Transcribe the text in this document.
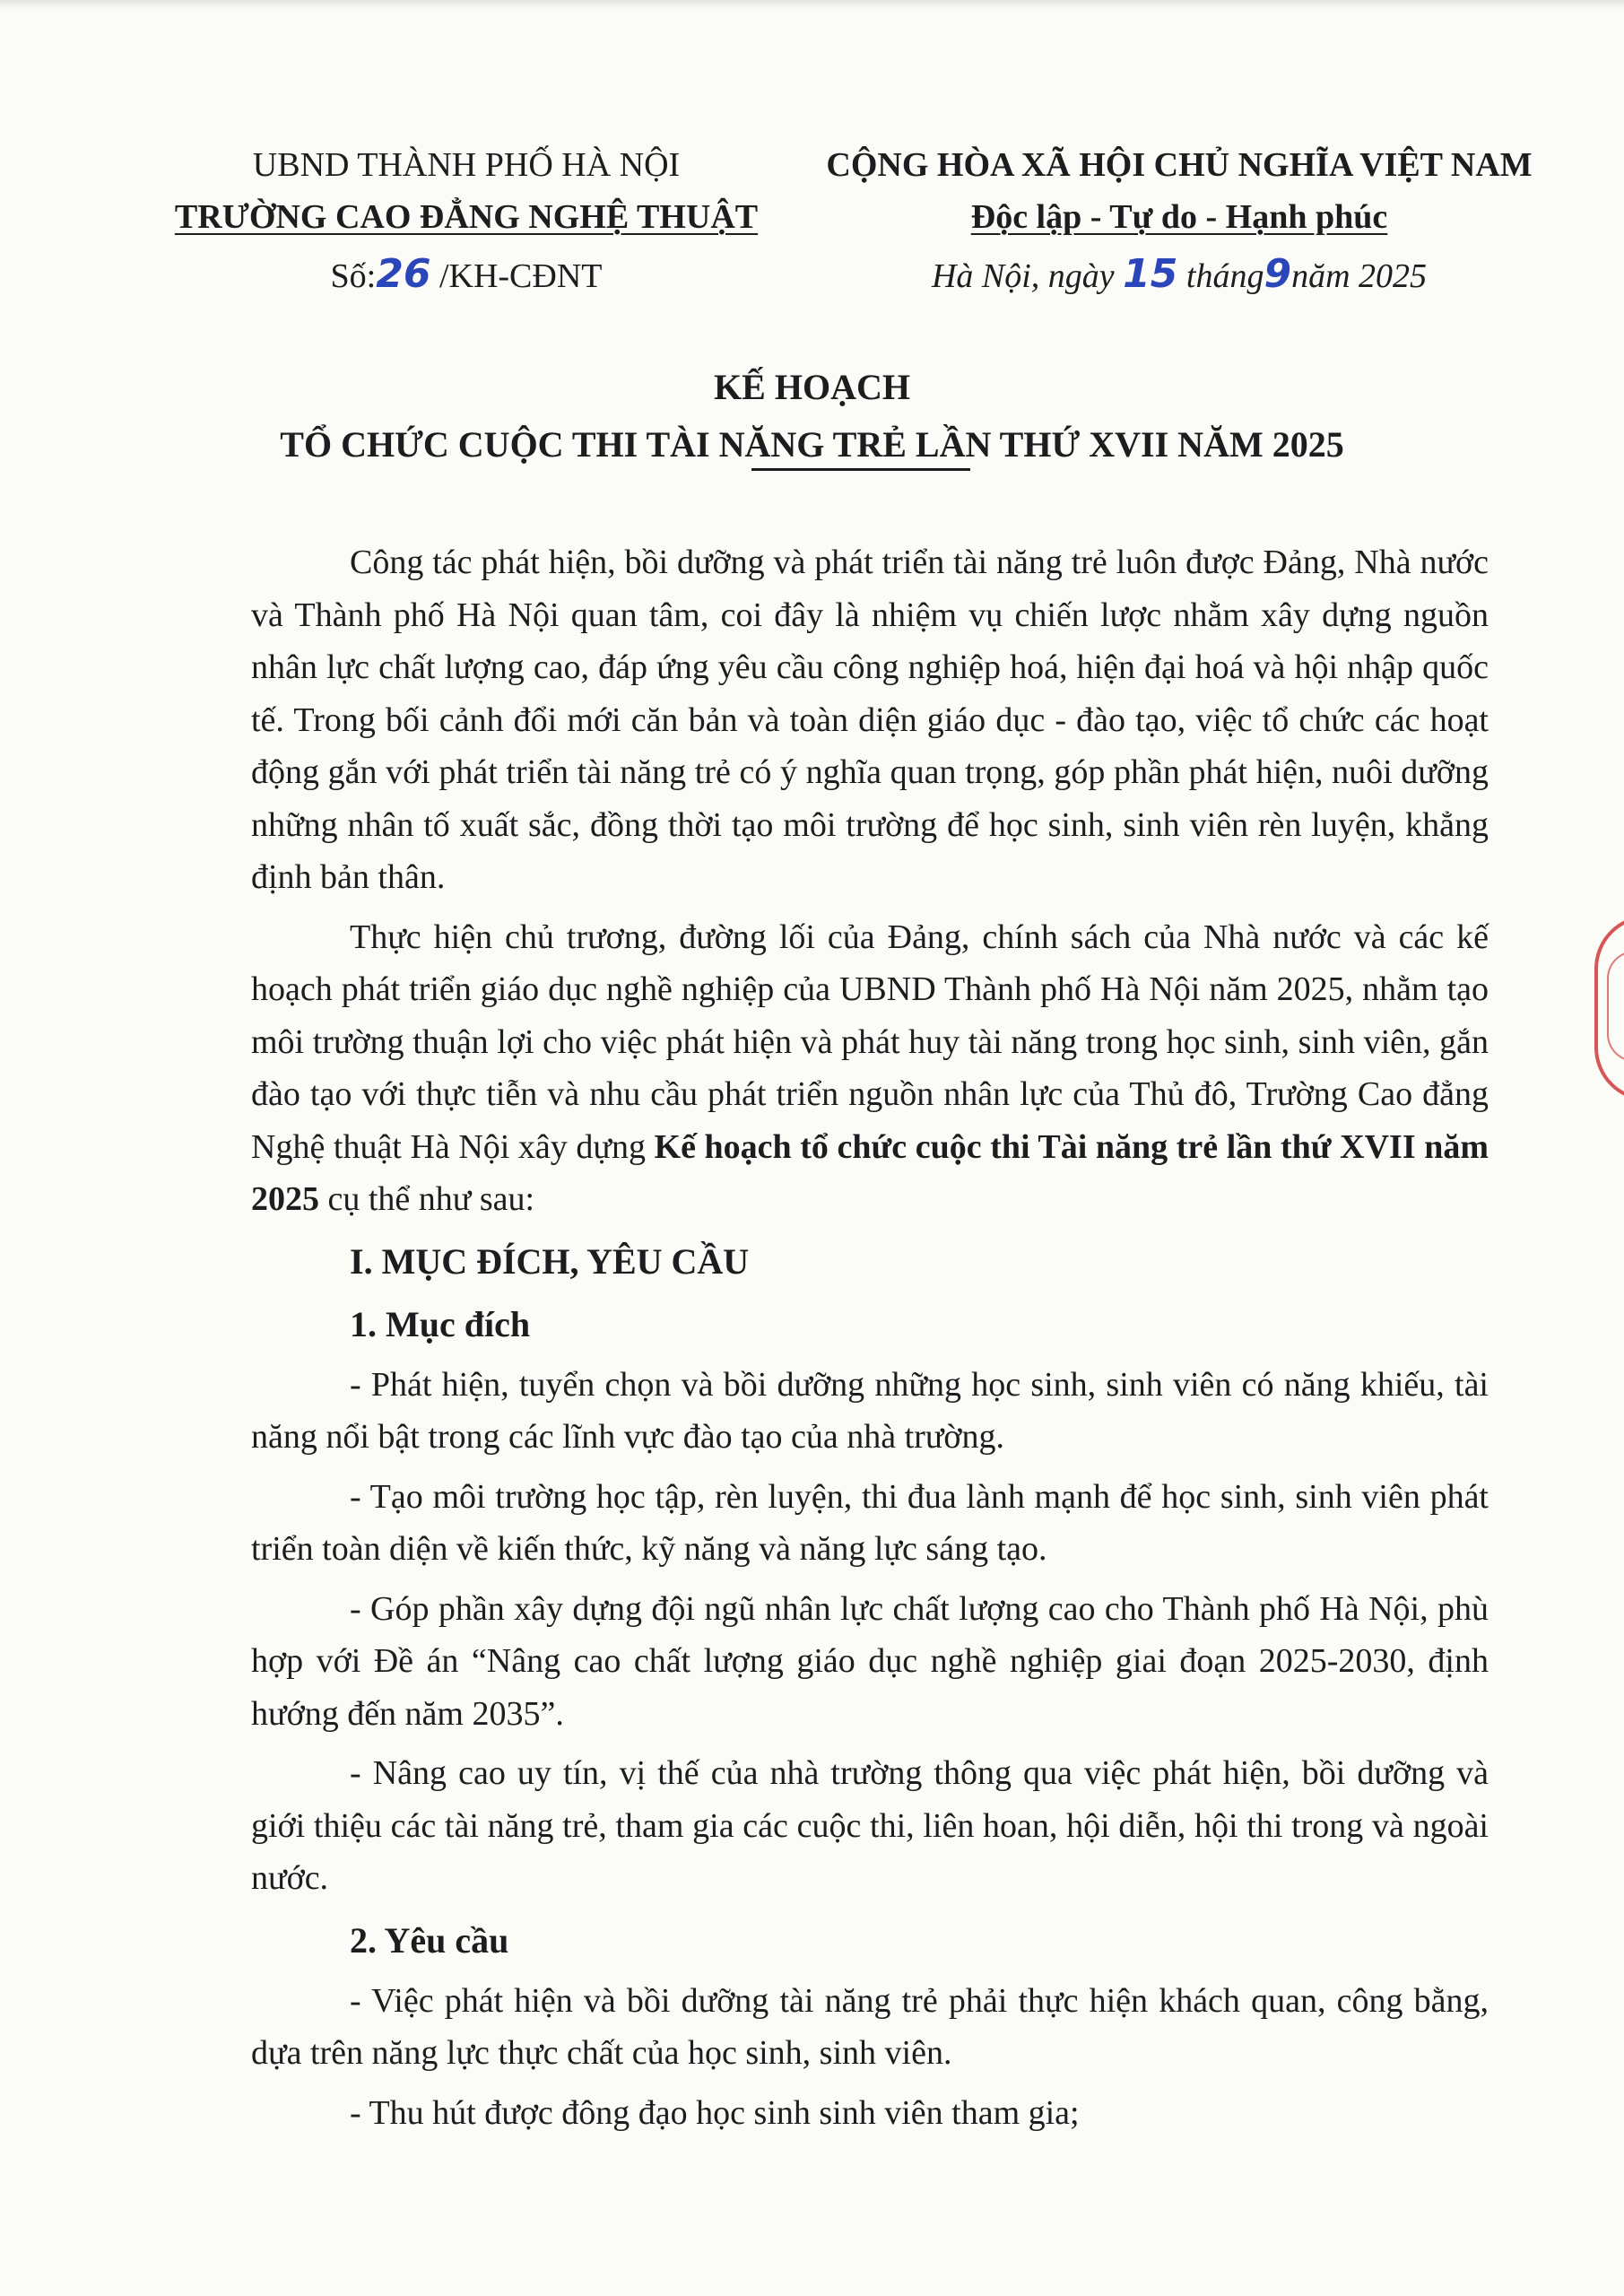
UBND THÀNH PHỐ HÀ NỘI
TRƯỜNG CAO ĐẲNG NGHỆ THUẬT
Số:26 /KH-CĐNT
CỘNG HÒA XÃ HỘI CHỦ NGHĨA VIỆT NAM
Độc lập - Tự do - Hạnh phúc
Hà Nội, ngày 15 tháng9năm 2025
KẾ HOẠCH
TỔ CHỨC CUỘC THI TÀI NĂNG TRẺ LẦN THỨ XVII NĂM 2025

Công tác phát hiện, bồi dưỡng và phát triển tài năng trẻ luôn được Đảng, Nhà nước và Thành phố Hà Nội quan tâm, coi đây là nhiệm vụ chiến lược nhằm xây dựng nguồn nhân lực chất lượng cao, đáp ứng yêu cầu công nghiệp hoá, hiện đại hoá và hội nhập quốc tế. Trong bối cảnh đổi mới căn bản và toàn diện giáo dục - đào tạo, việc tổ chức các hoạt động gắn với phát triển tài năng trẻ có ý nghĩa quan trọng, góp phần phát hiện, nuôi dưỡng những nhân tố xuất sắc, đồng thời tạo môi trường để học sinh, sinh viên rèn luyện, khẳng định bản thân.

Thực hiện chủ trương, đường lối của Đảng, chính sách của Nhà nước và các kế hoạch phát triển giáo dục nghề nghiệp của UBND Thành phố Hà Nội năm 2025, nhằm tạo môi trường thuận lợi cho việc phát hiện và phát huy tài năng trong học sinh, sinh viên, gắn đào tạo với thực tiễn và nhu cầu phát triển nguồn nhân lực của Thủ đô, Trường Cao đẳng Nghệ thuật Hà Nội xây dựng Kế hoạch tổ chức cuộc thi Tài năng trẻ lần thứ XVII năm 2025 cụ thể như sau:

I. MỤC ĐÍCH, YÊU CẦU
1. Mục đích

- Phát hiện, tuyển chọn và bồi dưỡng những học sinh, sinh viên có năng khiếu, tài năng nổi bật trong các lĩnh vực đào tạo của nhà trường.

- Tạo môi trường học tập, rèn luyện, thi đua lành mạnh để học sinh, sinh viên phát triển toàn diện về kiến thức, kỹ năng và năng lực sáng tạo.

- Góp phần xây dựng đội ngũ nhân lực chất lượng cao cho Thành phố Hà Nội, phù hợp với Đề án “Nâng cao chất lượng giáo dục nghề nghiệp giai đoạn 2025-2030, định hướng đến năm 2035”.

- Nâng cao uy tín, vị thế của nhà trường thông qua việc phát hiện, bồi dưỡng và giới thiệu các tài năng trẻ, tham gia các cuộc thi, liên hoan, hội diễn, hội thi trong và ngoài nước.

2. Yêu cầu

- Việc phát hiện và bồi dưỡng tài năng trẻ phải thực hiện khách quan, công bằng, dựa trên năng lực thực chất của học sinh, sinh viên.

- Thu hút được đông đạo học sinh sinh viên tham gia;
